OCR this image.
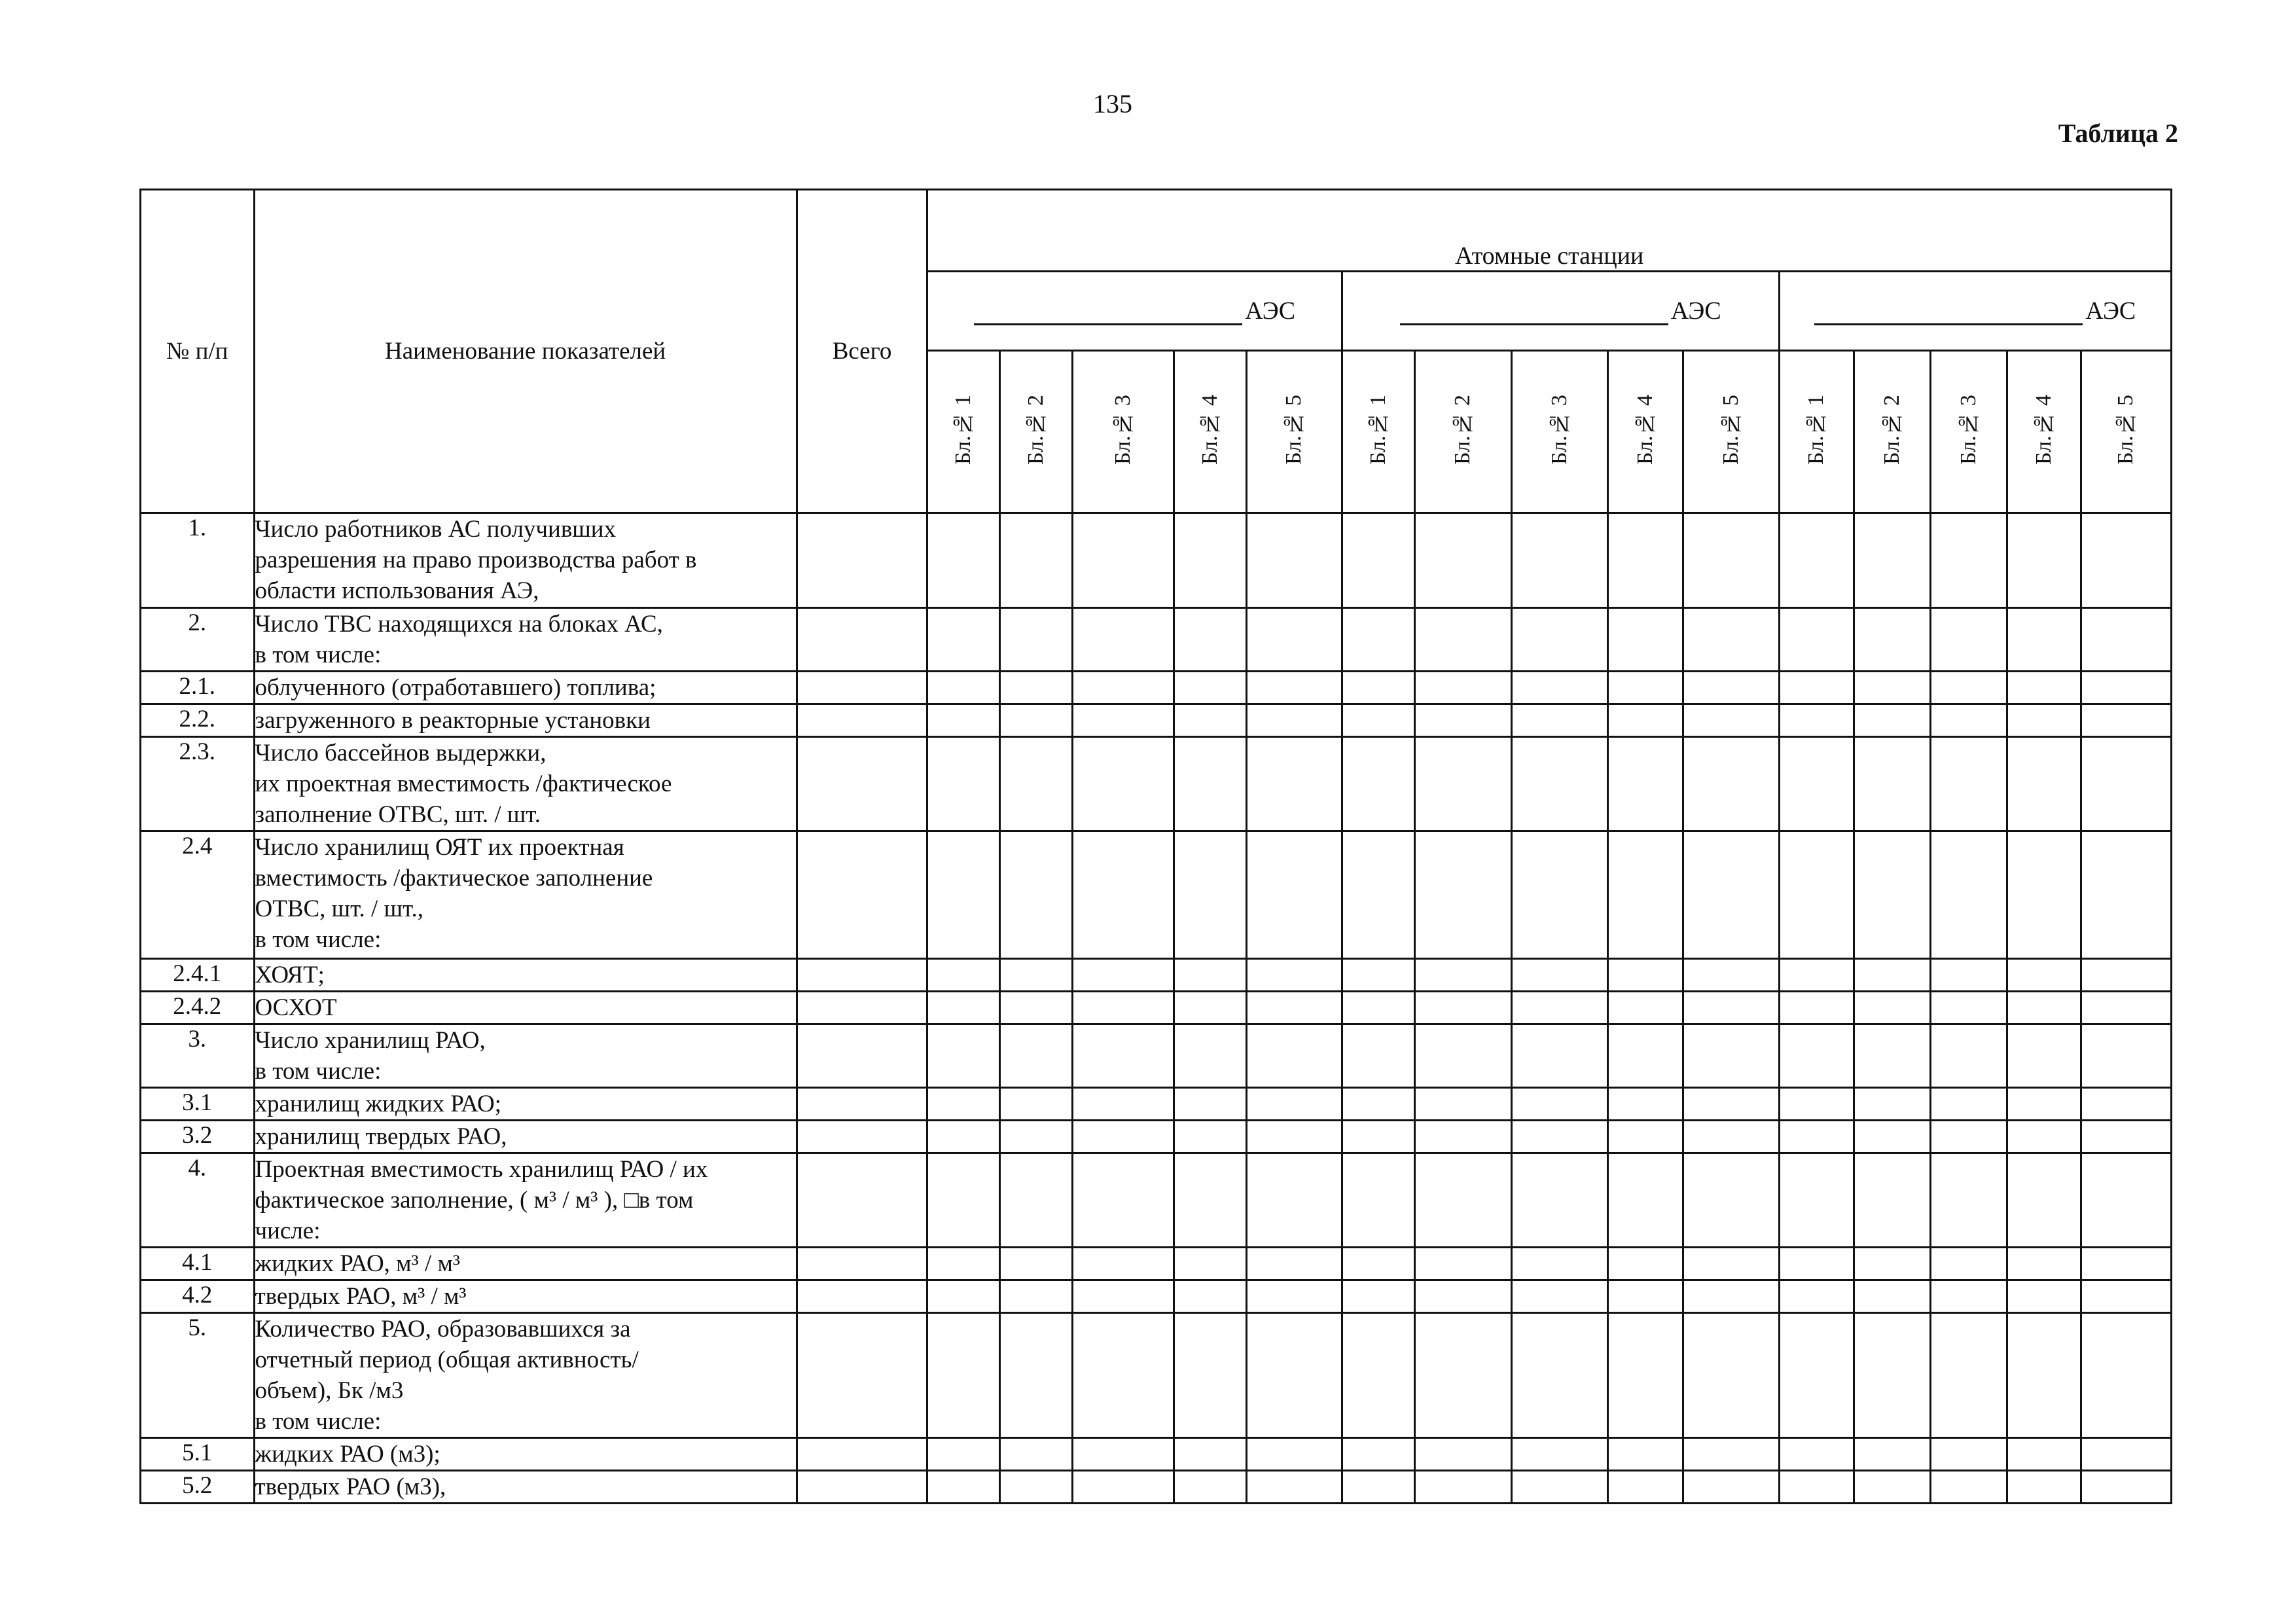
135
Таблица 2
№ п/п	Наименование показателей	Всего	Атомные станции														
			АЭС					АЭС					АЭС				
			Бл.№ 1	Бл.№ 2	Бл.№ 3	Бл.№ 4	Бл.№ 5	Бл.№ 1	Бл.№ 2	Бл.№ 3	Бл.№ 4	Бл.№ 5	Бл.№ 1	Бл.№ 2	Бл.№ 3	Бл.№ 4	Бл.№ 5
1.	Число работников АС получивших
разрешения на право производства работ в
области использования АЭ,																
2.	Число ТВС находящихся на блоках АС,
в том числе:																
2.1.	облученного (отработавшего) топлива;																
2.2.	загруженного в реакторные установки																
2.3.	Число бассейнов выдержки,
их проектная вместимость /фактическое
заполнение ОТВС, шт. / шт.																
2.4	Число хранилищ ОЯТ их проектная
вместимость /фактическое заполнение
ОТВС, шт. / шт.,
в том числе:																
2.4.1	ХОЯТ;																
2.4.2	ОСХОТ																
3.	Число хранилищ РАО,
в том числе:																
3.1	хранилищ жидких РАО;																
3.2	хранилищ твердых РАО,																
4.	Проектная вместимость хранилищ РАО / их
фактическое заполнение, ( м³ / м³ ), □в том
числе:																
4.1	жидких РАО, м³ / м³																
4.2	твердых РАО, м³ / м³																
5.	Количество РАО, образовавшихся за
отчетный период (общая активность/
объем), Бк /м3
в том числе:																
5.1	жидких РАО (м3);																
5.2	твердых РАО (м3),																
